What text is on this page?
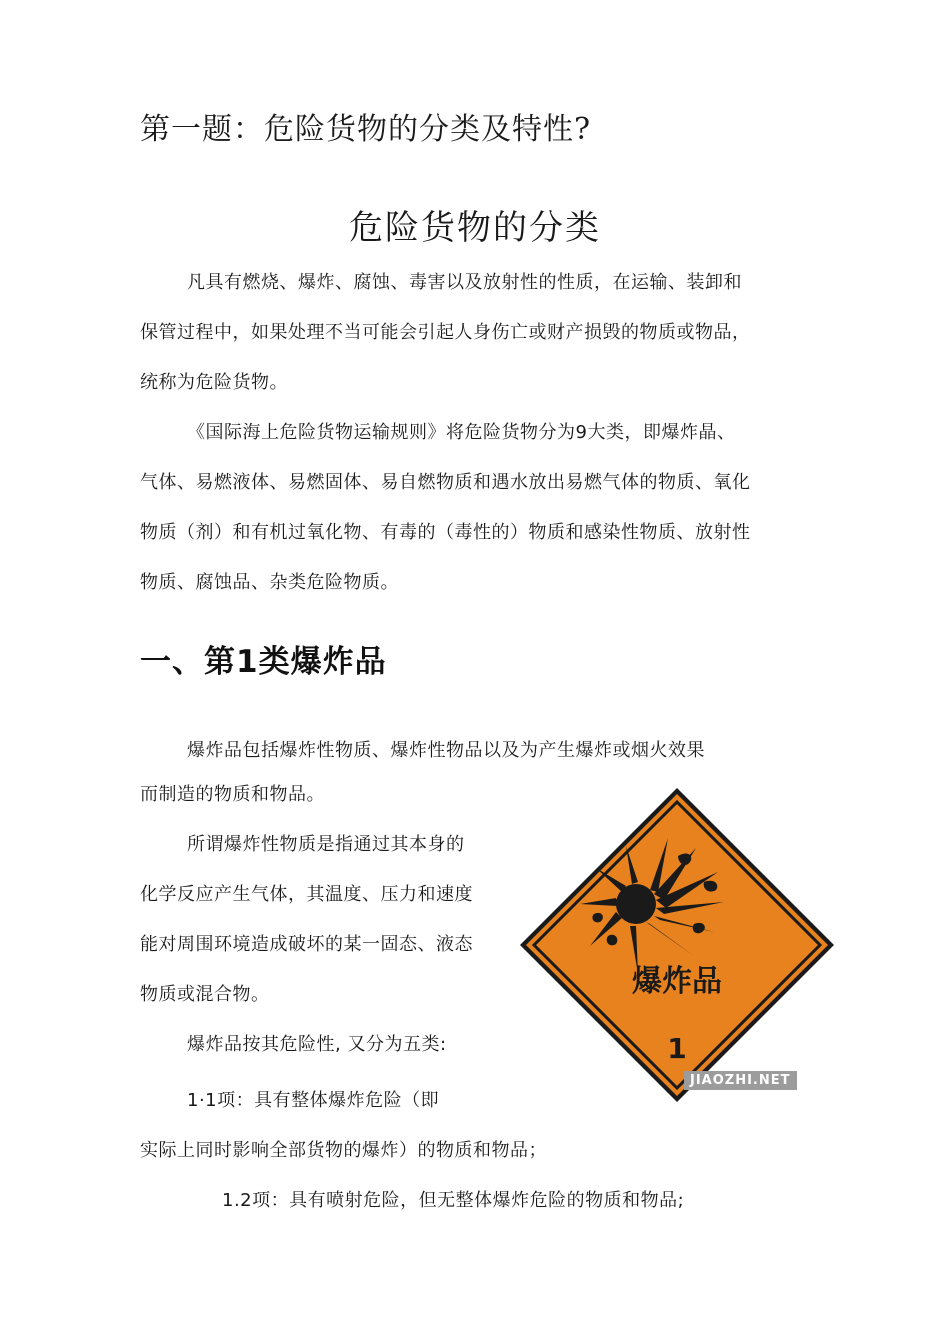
第一题：危险货物的分类及特性?
危险货物的分类
凡具有燃烧、爆炸、腐蚀、毒害以及放射性的性质，在运输、装卸和
保管过程中，如果处理不当可能会引起人身伤亡或财产损毁的物质或物品，
统称为危险货物。
《国际海上危险货物运输规则》将危险货物分为9大类，即爆炸晶、
气体、易燃液体、易燃固体、易自燃物质和遇水放出易燃气体的物质、氧化
物质（剂）和有机过氧化物、有毒的（毒性的）物质和感染性物质、放射性
物质、腐蚀品、杂类危险物质。
一、第1类爆炸品
爆炸品包括爆炸性物质、爆炸性物品以及为产生爆炸或烟火效果
而制造的物质和物品。
所谓爆炸性物质是指通过其本身的
化学反应产生气体，其温度、压力和速度
能对周围环境造成破坏的某一固态、液态
物质或混合物。
爆炸品按其危险性, 又分为五类:
1·1项：具有整体爆炸危险（即
实际上同时影响全部货物的爆炸）的物质和物品；
1.2项：具有喷射危险，但无整体爆炸危险的物质和物品;
爆炸品
1
JIAOZHI.NET
